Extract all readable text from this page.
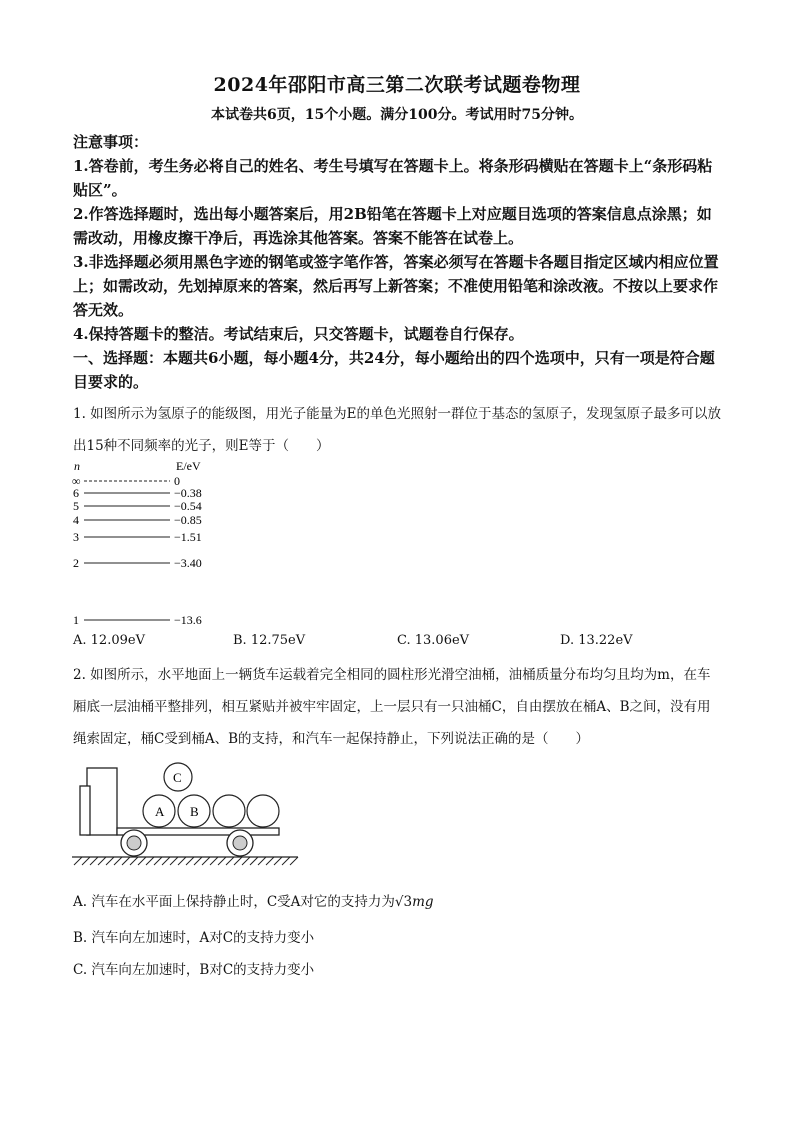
2024年邵阳市高三第二次联考试题卷物理
本试卷共6页，15个小题。满分100分。考试用时75分钟。
注意事项：
1.答卷前，考生务必将自己的姓名、考生号填写在答题卡上。将条形码横贴在答题卡上“条形码粘贴区”。
2.作答选择题时，选出每小题答案后，用2B铅笔在答题卡上对应题目选项的答案信息点涂黑；如需改动，用橡皮擦干净后，再选涂其他答案。答案不能答在试卷上。
3.非选择题必须用黑色字迹的钢笔或签字笔作答，答案必须写在答题卡各题目指定区域内相应位置上；如需改动，先划掉原来的答案，然后再写上新答案；不准使用铅笔和涂改液。不按以上要求作答无效。
4.保持答题卡的整洁。考试结束后，只交答题卡，试题卷自行保存。
一、选择题：本题共6小题，每小题4分，共24分，每小题给出的四个选项中，只有一项是符合题目要求的。
1. 如图所示为氢原子的能级图，用光子能量为E的单色光照射一群位于基态的氢原子，发现氢原子最多可以放出15种不同频率的光子，则E等于（　　）
n	E/eV
∞	0
6	−0.38
5	−0.54
4	−0.85
3	−1.51
2	−3.40
1	−13.6
A. 12.09eV	B. 12.75eV	C. 13.06eV	D. 13.22eV
2. 如图所示，水平地面上一辆货车运载着完全相同的圆柱形光滑空油桶，油桶质量分布均匀且均为m，在车厢底一层油桶平整排列，相互紧贴并被牢牢固定，上一层只有一只油桶C，自由摆放在桶A、B之间，没有用绳索固定，桶C受到桶A、B的支持，和汽车一起保持静止，下列说法正确的是（　　）
A B
C
A. 汽车在水平面上保持静止时，C受A对它的支持力为√3mg
B. 汽车向左加速时，A对C的支持力变小
C. 汽车向左加速时，B对C的支持力变小
